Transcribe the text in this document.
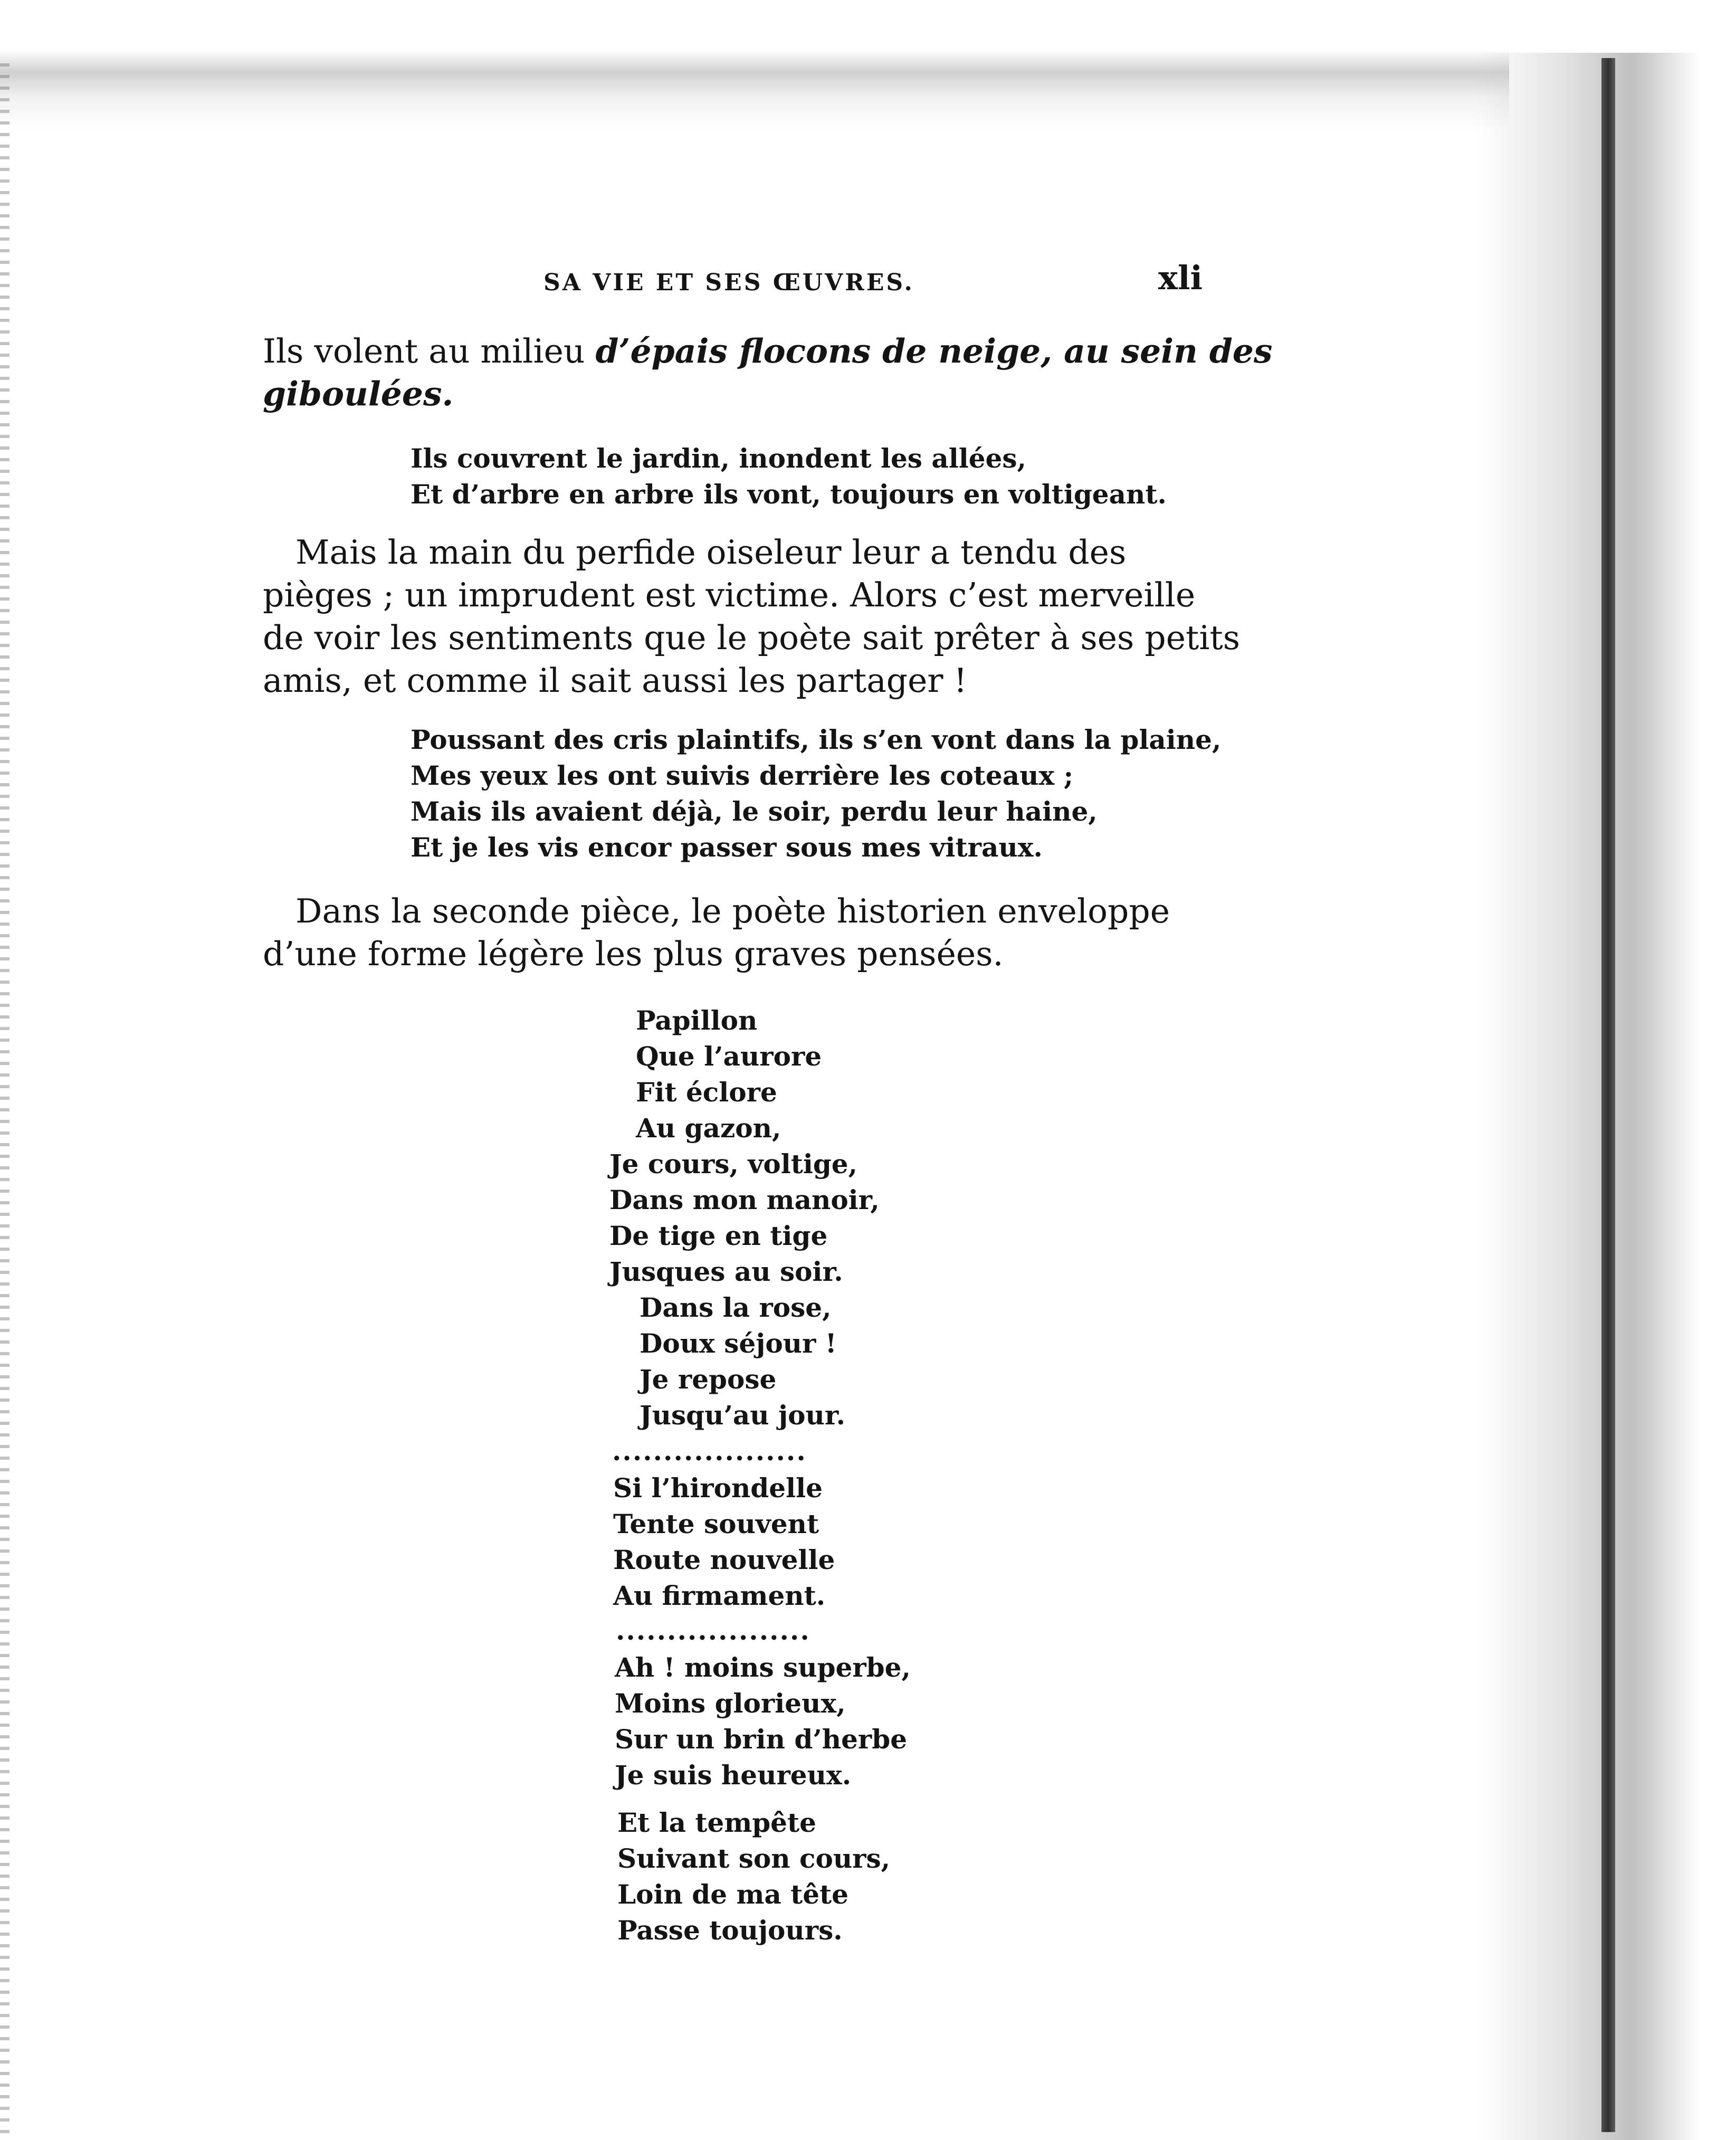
SA VIE ET SES ŒUVRES.	xli
Ils volent au milieu d’épais flocons de neige, au sein des
giboulées.
Ils couvrent le jardin, inondent les allées,
Et d’arbre en arbre ils vont, toujours en voltigeant.
Mais la main du perfide oiseleur leur a tendu des
pièges ; un imprudent est victime. Alors c’est merveille
de voir les sentiments que le poète sait prêter à ses petits
amis, et comme il sait aussi les partager !
Poussant des cris plaintifs, ils s’en vont dans la plaine,
Mes yeux les ont suivis derrière les coteaux ;
Mais ils avaient déjà, le soir, perdu leur haine,
Et je les vis encor passer sous mes vitraux.
Dans la seconde pièce, le poète historien enveloppe
d’une forme légère les plus graves pensées.
Papillon
Que l’aurore
Fit éclore
Au gazon,
Je cours, voltige,
Dans mon manoir,
De tige en tige
Jusques au soir.
Dans la rose,
Doux séjour !
Je repose
Jusqu’au jour.
...................
Si l’hirondelle
Tente souvent
Route nouvelle
Au firmament.
...................
Ah ! moins superbe,
Moins glorieux,
Sur un brin d’herbe
Je suis heureux.
Et la tempête
Suivant son cours,
Loin de ma tête
Passe toujours.
